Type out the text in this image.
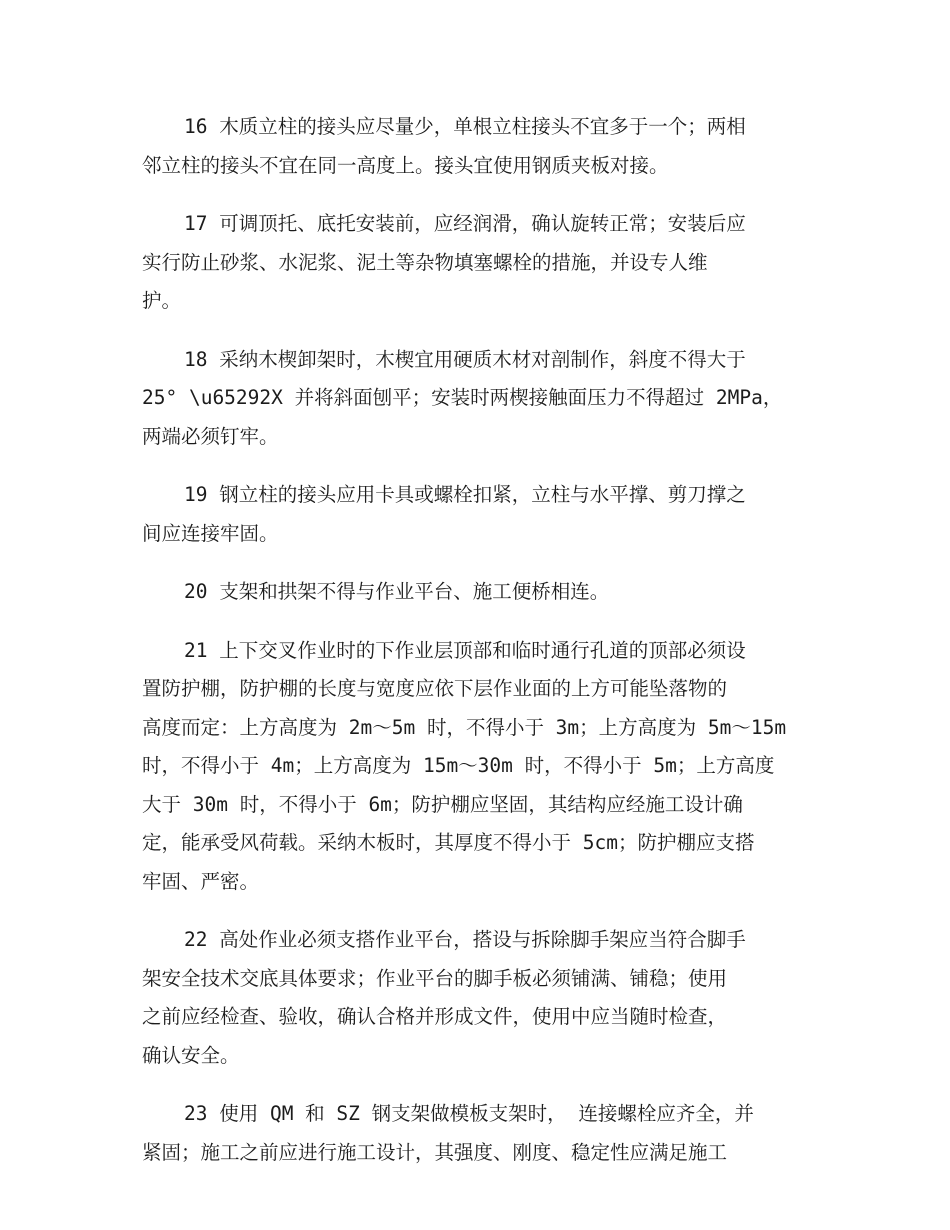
16 木质立柱的接头应尽量少，单根立柱接头不宜多于一个；两相
邻立柱的接头不宜在同一高度上。接头宜使用钢质夹板对接。
17 可调顶托、底托安装前，应经润滑，确认旋转正常；安装后应
实行防止砂浆、水泥浆、泥土等杂物填塞螺栓的措施，并设专人维
护。
18 采纳木楔卸架时，木楔宜用硬质木材对剖制作，斜度不得大于
25° \u65292X 并将斜面刨平；安装时两楔接触面压力不得超过 2MPa，
两端必须钉牢。
19 钢立柱的接头应用卡具或螺栓扣紧，立柱与水平撑、剪刀撑之
间应连接牢固。
20 支架和拱架不得与作业平台、施工便桥相连。
21 上下交叉作业时的下作业层顶部和临时通行孔道的顶部必须设
置防护棚，防护棚的长度与宽度应依下层作业面的上方可能坠落物的
高度而定：上方高度为 2m～5m 时，不得小于 3m；上方高度为 5m～15m
时，不得小于 4m；上方高度为 15m～30m 时，不得小于 5m；上方高度
大于 30m 时，不得小于 6m；防护棚应坚固，其结构应经施工设计确
定，能承受风荷载。采纳木板时，其厚度不得小于 5cm；防护棚应支搭
牢固、严密。
22 高处作业必须支搭作业平台，搭设与拆除脚手架应当符合脚手
架安全技术交底具体要求；作业平台的脚手板必须铺满、铺稳；使用
之前应经检查、验收，确认合格并形成文件，使用中应当随时检查，
确认安全。
23 使用 QM 和 SZ 钢支架做模板支架时， 连接螺栓应齐全，并
紧固；施工之前应进行施工设计，其强度、刚度、稳定性应满足施工
